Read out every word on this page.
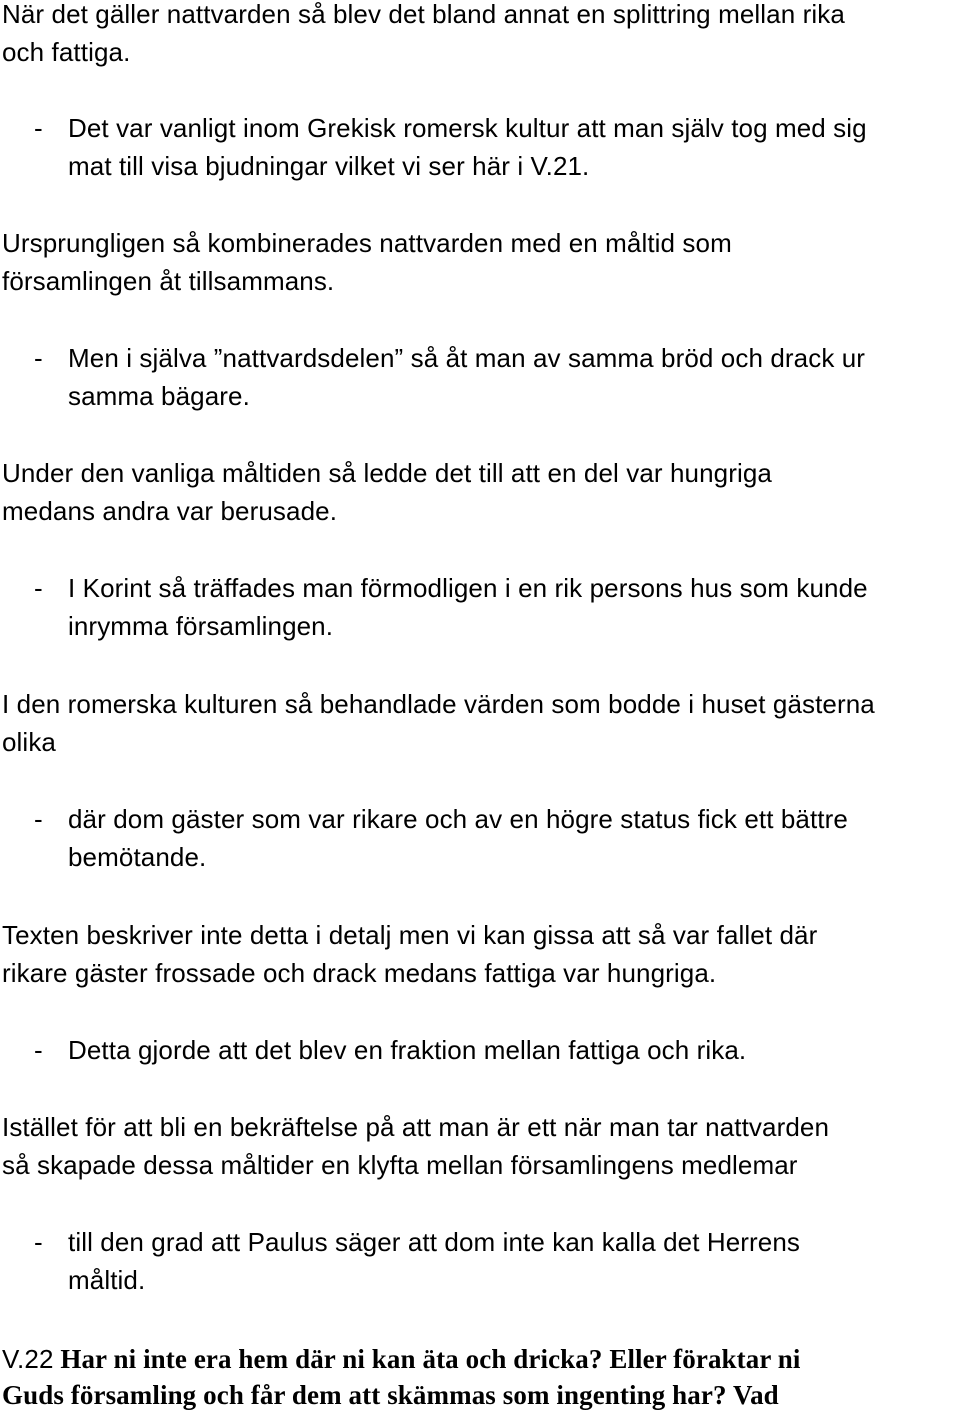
När det gäller nattvarden så blev det bland annat en splittring mellan rika
och fattiga.
- Det var vanligt inom Grekisk romersk kultur att man själv tog med sig
mat till visa bjudningar vilket vi ser här i V.21.
Ursprungligen så kombinerades nattvarden med en måltid som
församlingen åt tillsammans.
- Men i själva ”nattvardsdelen” så åt man av samma bröd och drack ur
samma bägare.
Under den vanliga måltiden så ledde det till att en del var hungriga
medans andra var berusade.
- I Korint så träffades man förmodligen i en rik persons hus som kunde
inrymma församlingen.
I den romerska kulturen så behandlade värden som bodde i huset gästerna
olika
- där dom gäster som var rikare och av en högre status fick ett bättre
bemötande.
Texten beskriver inte detta i detalj men vi kan gissa att så var fallet där
rikare gäster frossade och drack medans fattiga var hungriga.
- Detta gjorde att det blev en fraktion mellan fattiga och rika.
Istället för att bli en bekräftelse på att man är ett när man tar nattvarden
så skapade dessa måltider en klyfta mellan församlingens medlemar
- till den grad att Paulus säger att dom inte kan kalla det Herrens
måltid.
V.22 Har ni inte era hem där ni kan äta och dricka? Eller föraktar ni
Guds församling och får dem att skämmas som ingenting har? Vad
